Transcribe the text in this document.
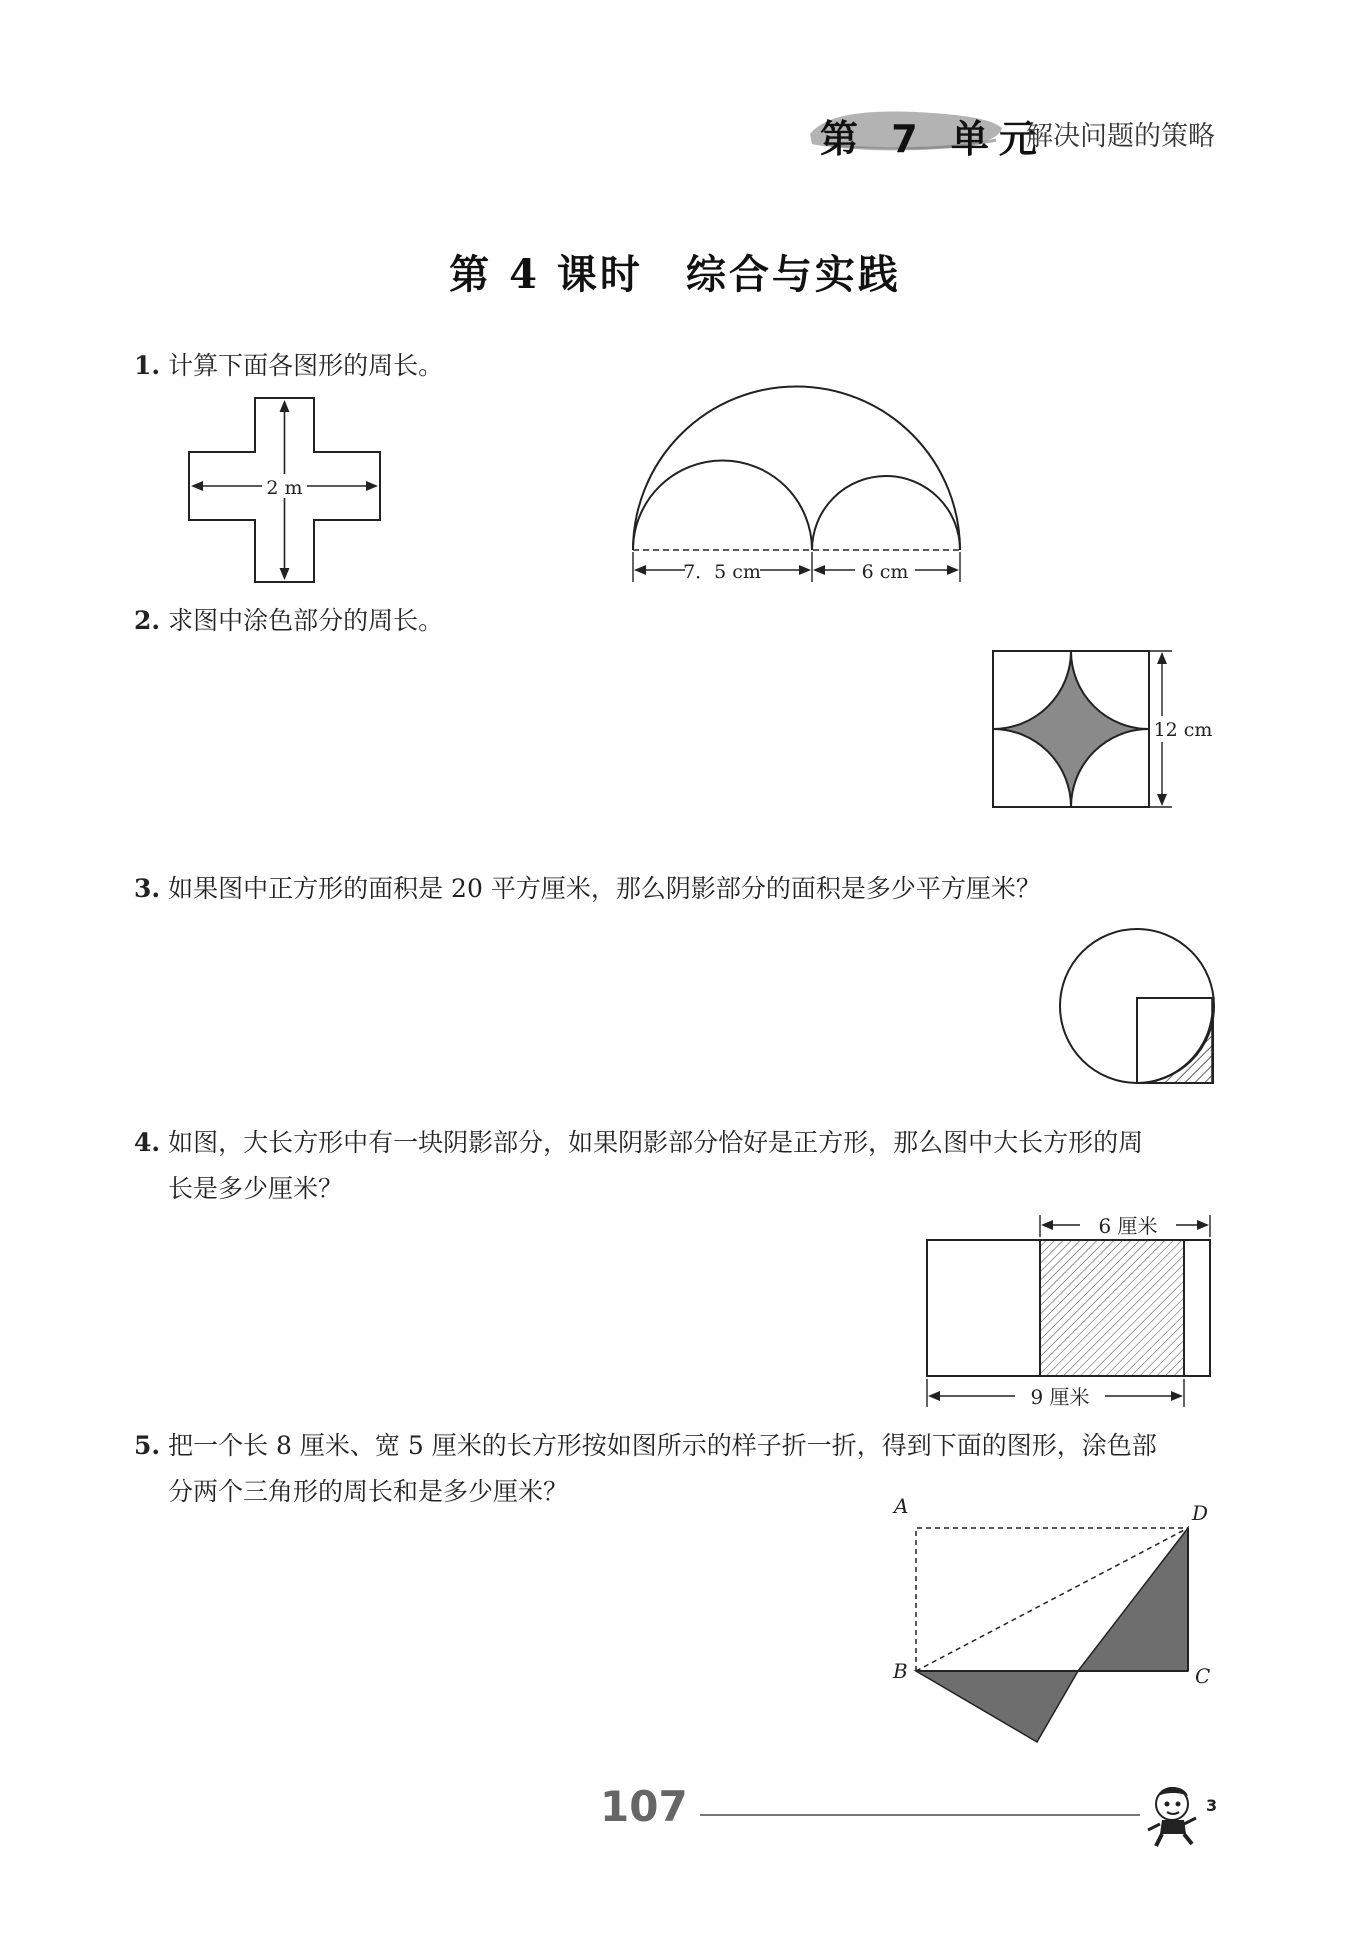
第 7 单元
解决问题的策略
第 4 课时　综合与实践
1. 计算下面各图形的周长。
2 m
7．5 cm	6 cm
2. 求图中涂色部分的周长。
12 cm
3. 如果图中正方形的面积是 20 平方厘米，那么阴影部分的面积是多少平方厘米？
4. 如图，大长方形中有一块阴影部分，如果阴影部分恰好是正方形，那么图中大长方形的周
长是多少厘米？
6 厘米
9 厘米
5. 把一个长 8 厘米、宽 5 厘米的长方形按如图所示的样子折一折，得到下面的图形，涂色部
分两个三角形的周长和是多少厘米？	A	D
B	C
107	3
